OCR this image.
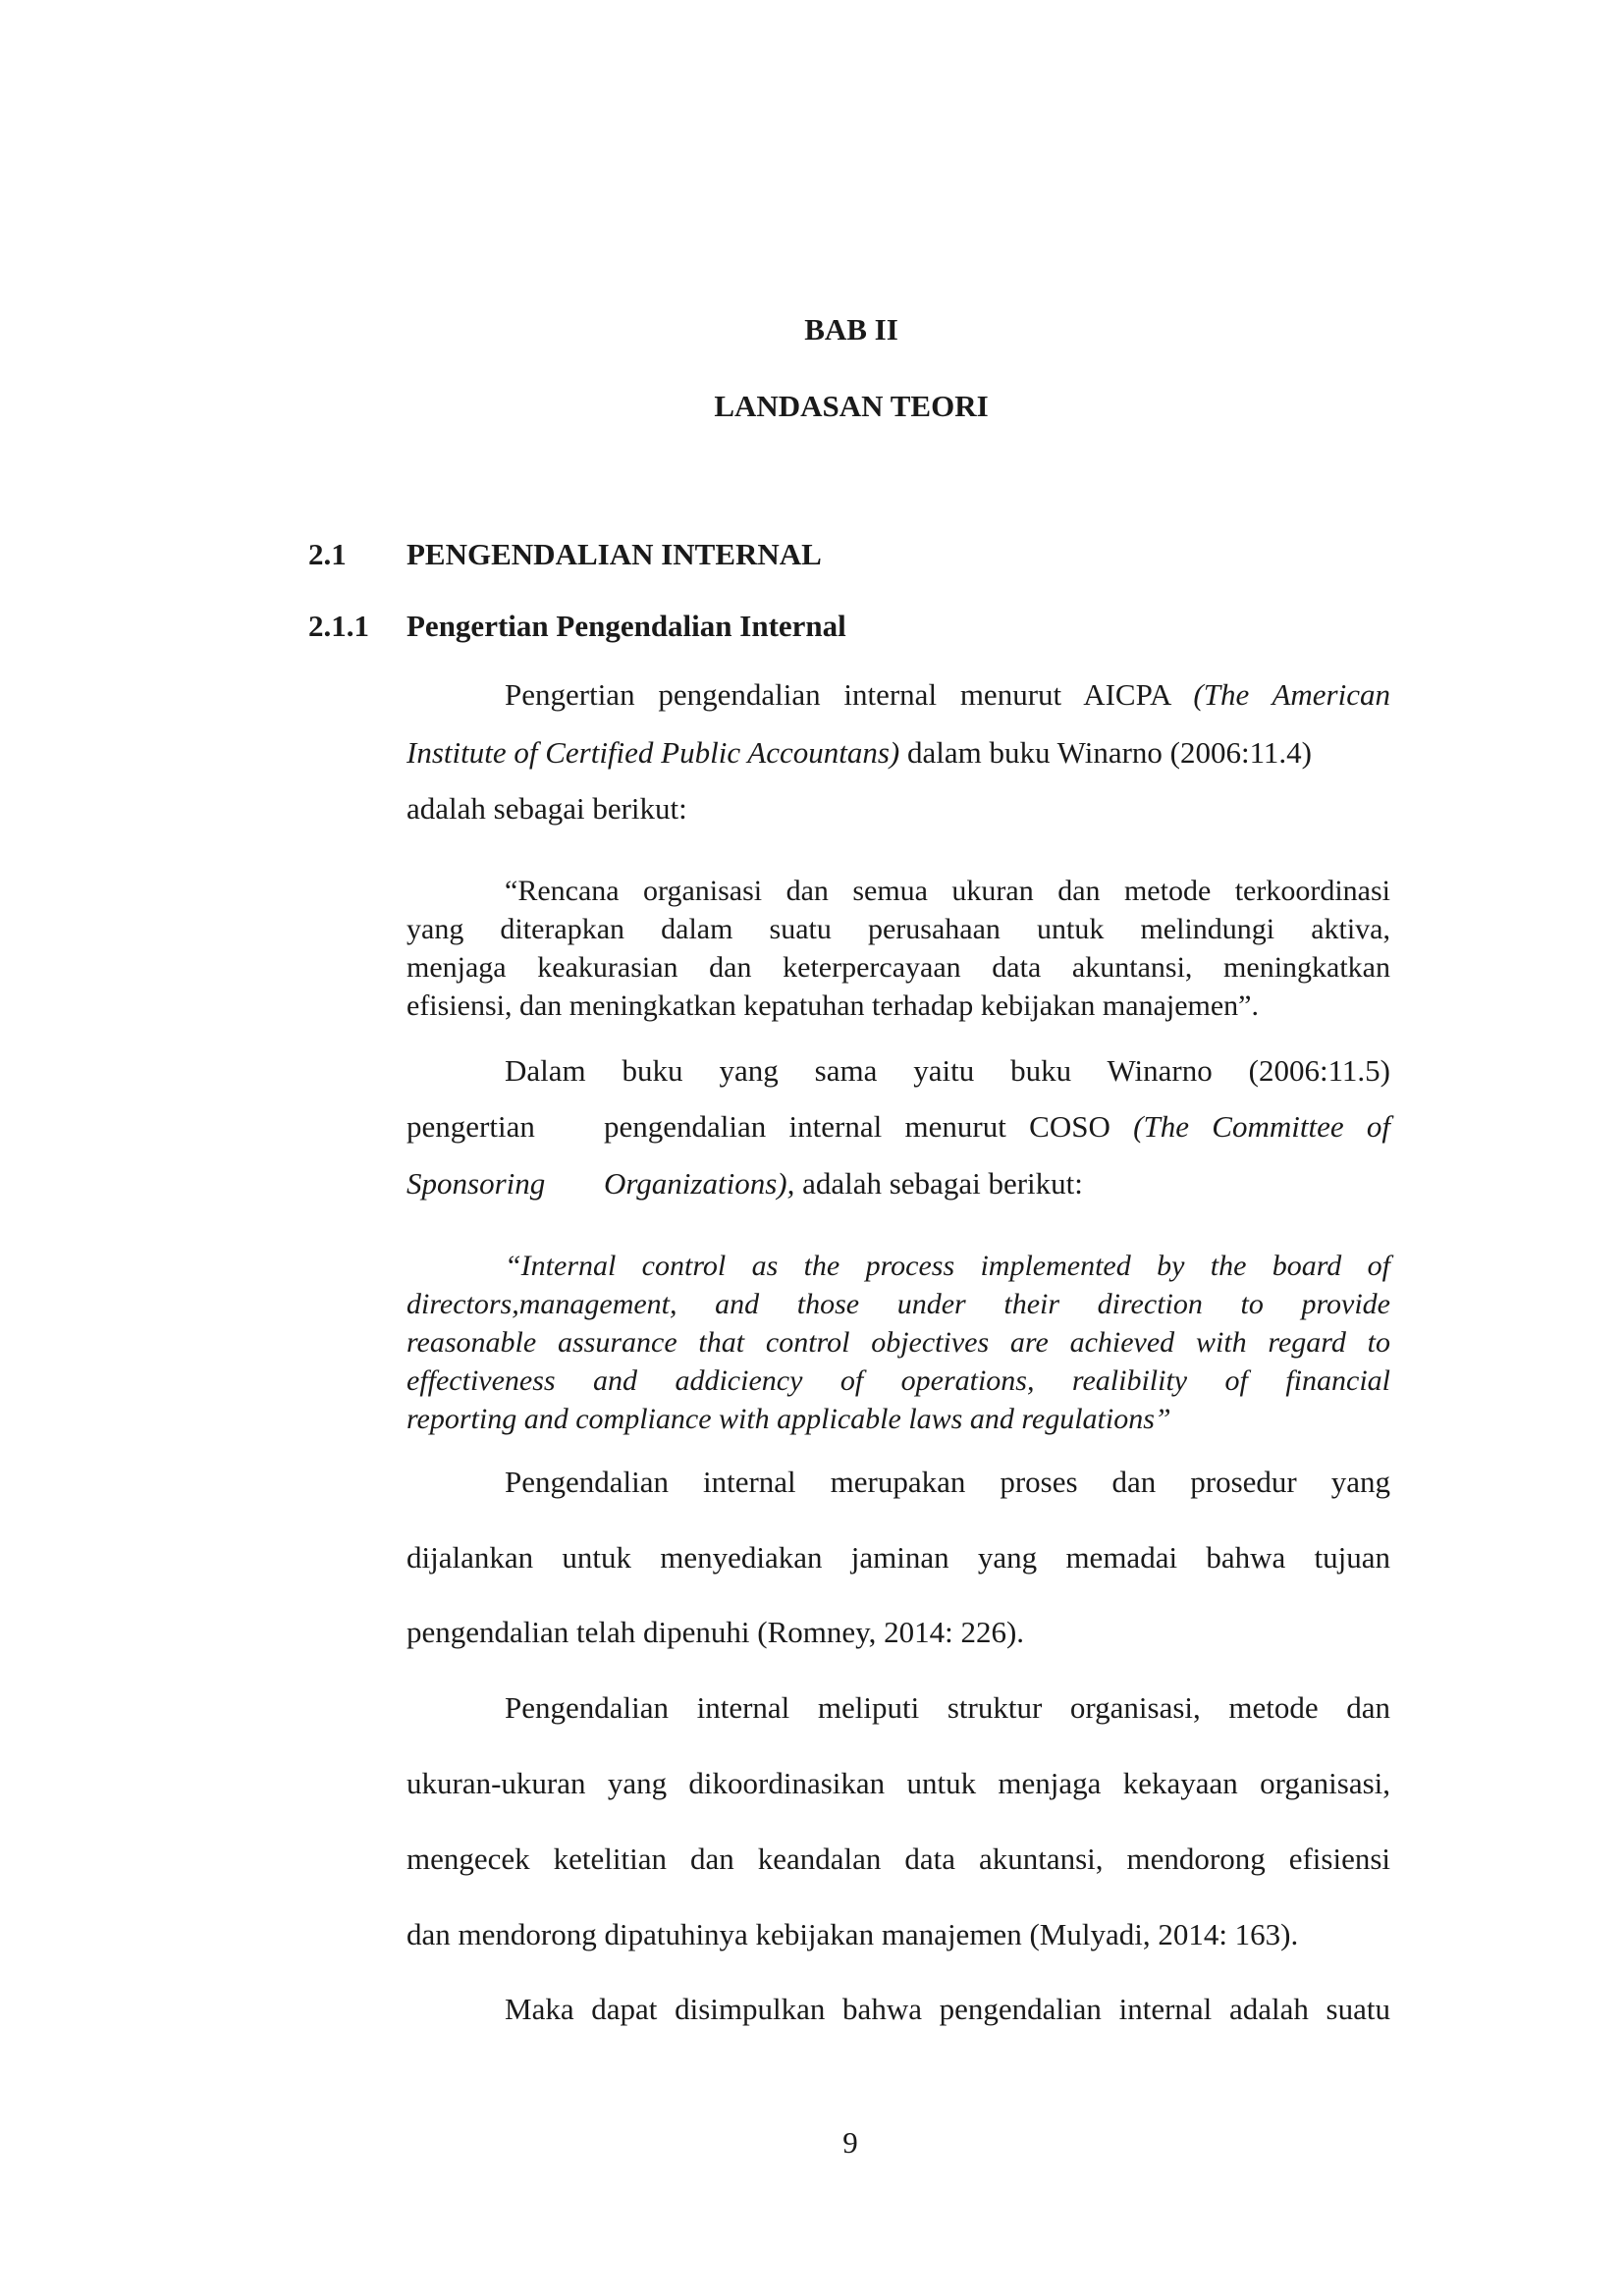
BAB II
LANDASAN TEORI
2.1 PENGENDALIAN INTERNAL
2.1.1 Pengertian Pengendalian Internal
Pengertian pengendalian internal menurut AICPA (The American
Institute of Certified Public Accountans) dalam buku Winarno (2006:11.4)
adalah sebagai berikut:
“Rencana organisasi dan semua ukuran dan metode terkoordinasi
yang diterapkan dalam suatu perusahaan untuk melindungi aktiva,
menjaga keakurasian dan keterpercayaan data akuntansi, meningkatkan
efisiensi, dan meningkatkan kepatuhan terhadap kebijakan manajemen”.
Dalam buku yang sama yaitu buku Winarno (2006:11.5)
pengertian pengendalian internal menurut COSO (The Committee of
Sponsoring Organizations), adalah sebagai berikut:
“Internal control as the process implemented by the board of
directors,management, and those under their direction to provide
reasonable assurance that control objectives are achieved with regard to
effectiveness and addiciency of operations, realibility of financial
reporting and compliance with applicable laws and regulations”
Pengendalian internal merupakan proses dan prosedur yang
dijalankan untuk menyediakan jaminan yang memadai bahwa tujuan
pengendalian telah dipenuhi (Romney, 2014: 226).
Pengendalian internal meliputi struktur organisasi, metode dan
ukuran-ukuran yang dikoordinasikan untuk menjaga kekayaan organisasi,
mengecek ketelitian dan keandalan data akuntansi, mendorong efisiensi
dan mendorong dipatuhinya kebijakan manajemen (Mulyadi, 2014: 163).
Maka dapat disimpulkan bahwa pengendalian internal adalah suatu
9
